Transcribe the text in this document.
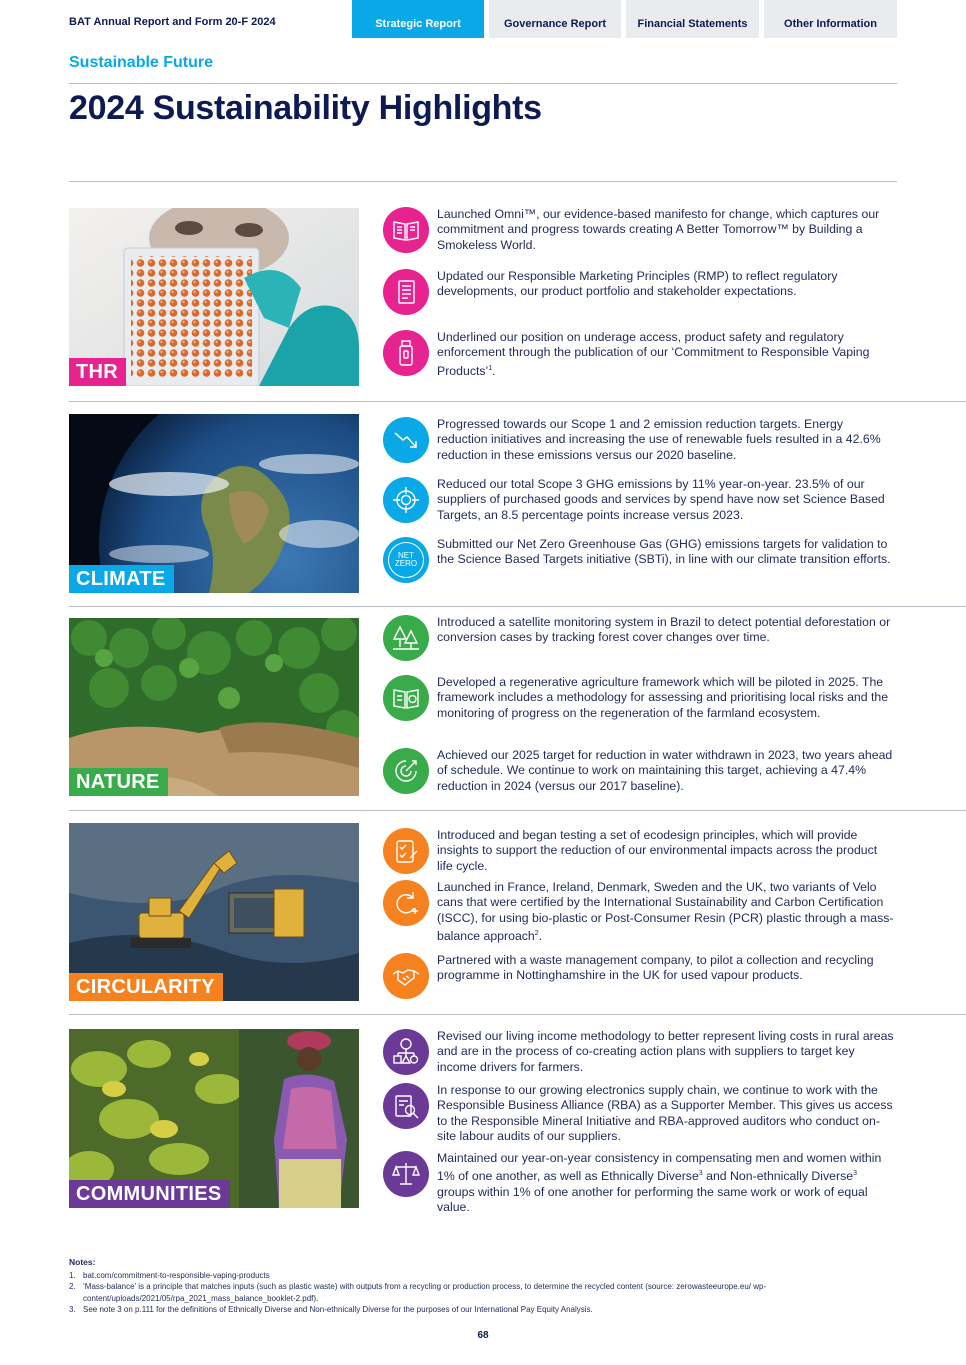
BAT Annual Report and Form 20-F 2024	Strategic Report	Governance Report	Financial Statements	Other Information
Sustainable Future
2024 Sustainability Highlights
THR
Launched Omni™, our evidence-based manifesto for change, which captures our commitment and progress towards creating A Better Tomorrow™ by Building a Smokeless World.
Updated our Responsible Marketing Principles (RMP) to reflect regulatory developments, our product portfolio and stakeholder expectations.
Underlined our position on underage access, product safety and regulatory enforcement through the publication of our ‘Commitment to Responsible Vaping Products’$^1$.
CLIMATE
Progressed towards our Scope 1 and 2 emission reduction targets. Energy reduction initiatives and increasing the use of renewable fuels resulted in a 42.6% reduction in these emissions versus our 2020 baseline.
Reduced our total Scope 3 GHG emissions by 11% year-on-year. 23.5% of our suppliers of purchased goods and services by spend have now set Science Based Targets, an 8.5 percentage points increase versus 2023.
NET
ZERO
Submitted our Net Zero Greenhouse Gas (GHG) emissions targets for validation to the Science Based Targets initiative (SBTi), in line with our climate transition efforts.
NATURE
Introduced a satellite monitoring system in Brazil to detect potential deforestation or conversion cases by tracking forest cover changes over time.
Developed a regenerative agriculture framework which will be piloted in 2025. The framework includes a methodology for assessing and prioritising local risks and the monitoring of progress on the regeneration of the farmland ecosystem.
Achieved our 2025 target for reduction in water withdrawn in 2023, two years ahead of schedule. We continue to work on maintaining this target, achieving a 47.4% reduction in 2024 (versus our 2017 baseline).
CIRCULARITY
Introduced and began testing a set of ecodesign principles, which will provide insights to support the reduction of our environmental impacts across the product life cycle.
Launched in France, Ireland, Denmark, Sweden and the UK, two variants of Velo cans that were certified by the International Sustainability and Carbon Certification (ISCC), for using bio-plastic or Post-Consumer Resin (PCR) plastic through a mass-balance approach$^2$.
Partnered with a waste management company, to pilot a collection and recycling programme in Nottinghamshire in the UK for used vapour products.
COMMUNITIES
Revised our living income methodology to better represent living costs in rural areas and are in the process of co-creating action plans with suppliers to target key income drivers for farmers.
In response to our growing electronics supply chain, we continue to work with the Responsible Business Alliance (RBA) as a Supporter Member. This gives us access to the Responsible Mineral Initiative and RBA-approved auditors who conduct on-site labour audits of our suppliers.
Maintained our year-on-year consistency in compensating men and women within 1% of one another, as well as Ethnically Diverse$^3$ and Non-ethnically Diverse$^3$ groups within 1% of one another for performing the same work or work of equal value.
Notes:
1. bat.com/commitment-to-responsible-vaping-products
2. ‘Mass-balance’ is a principle that matches inputs (such as plastic waste) with outputs from a recycling or production process, to determine the recycled content (source: zerowasteeurope.eu/ wp-content/uploads/2021/05/rpa_2021_mass_balance_booklet-2.pdf).
3. See note 3 on p.111 for the definitions of Ethnically Diverse and Non-ethnically Diverse for the purposes of our International Pay Equity Analysis.
68
